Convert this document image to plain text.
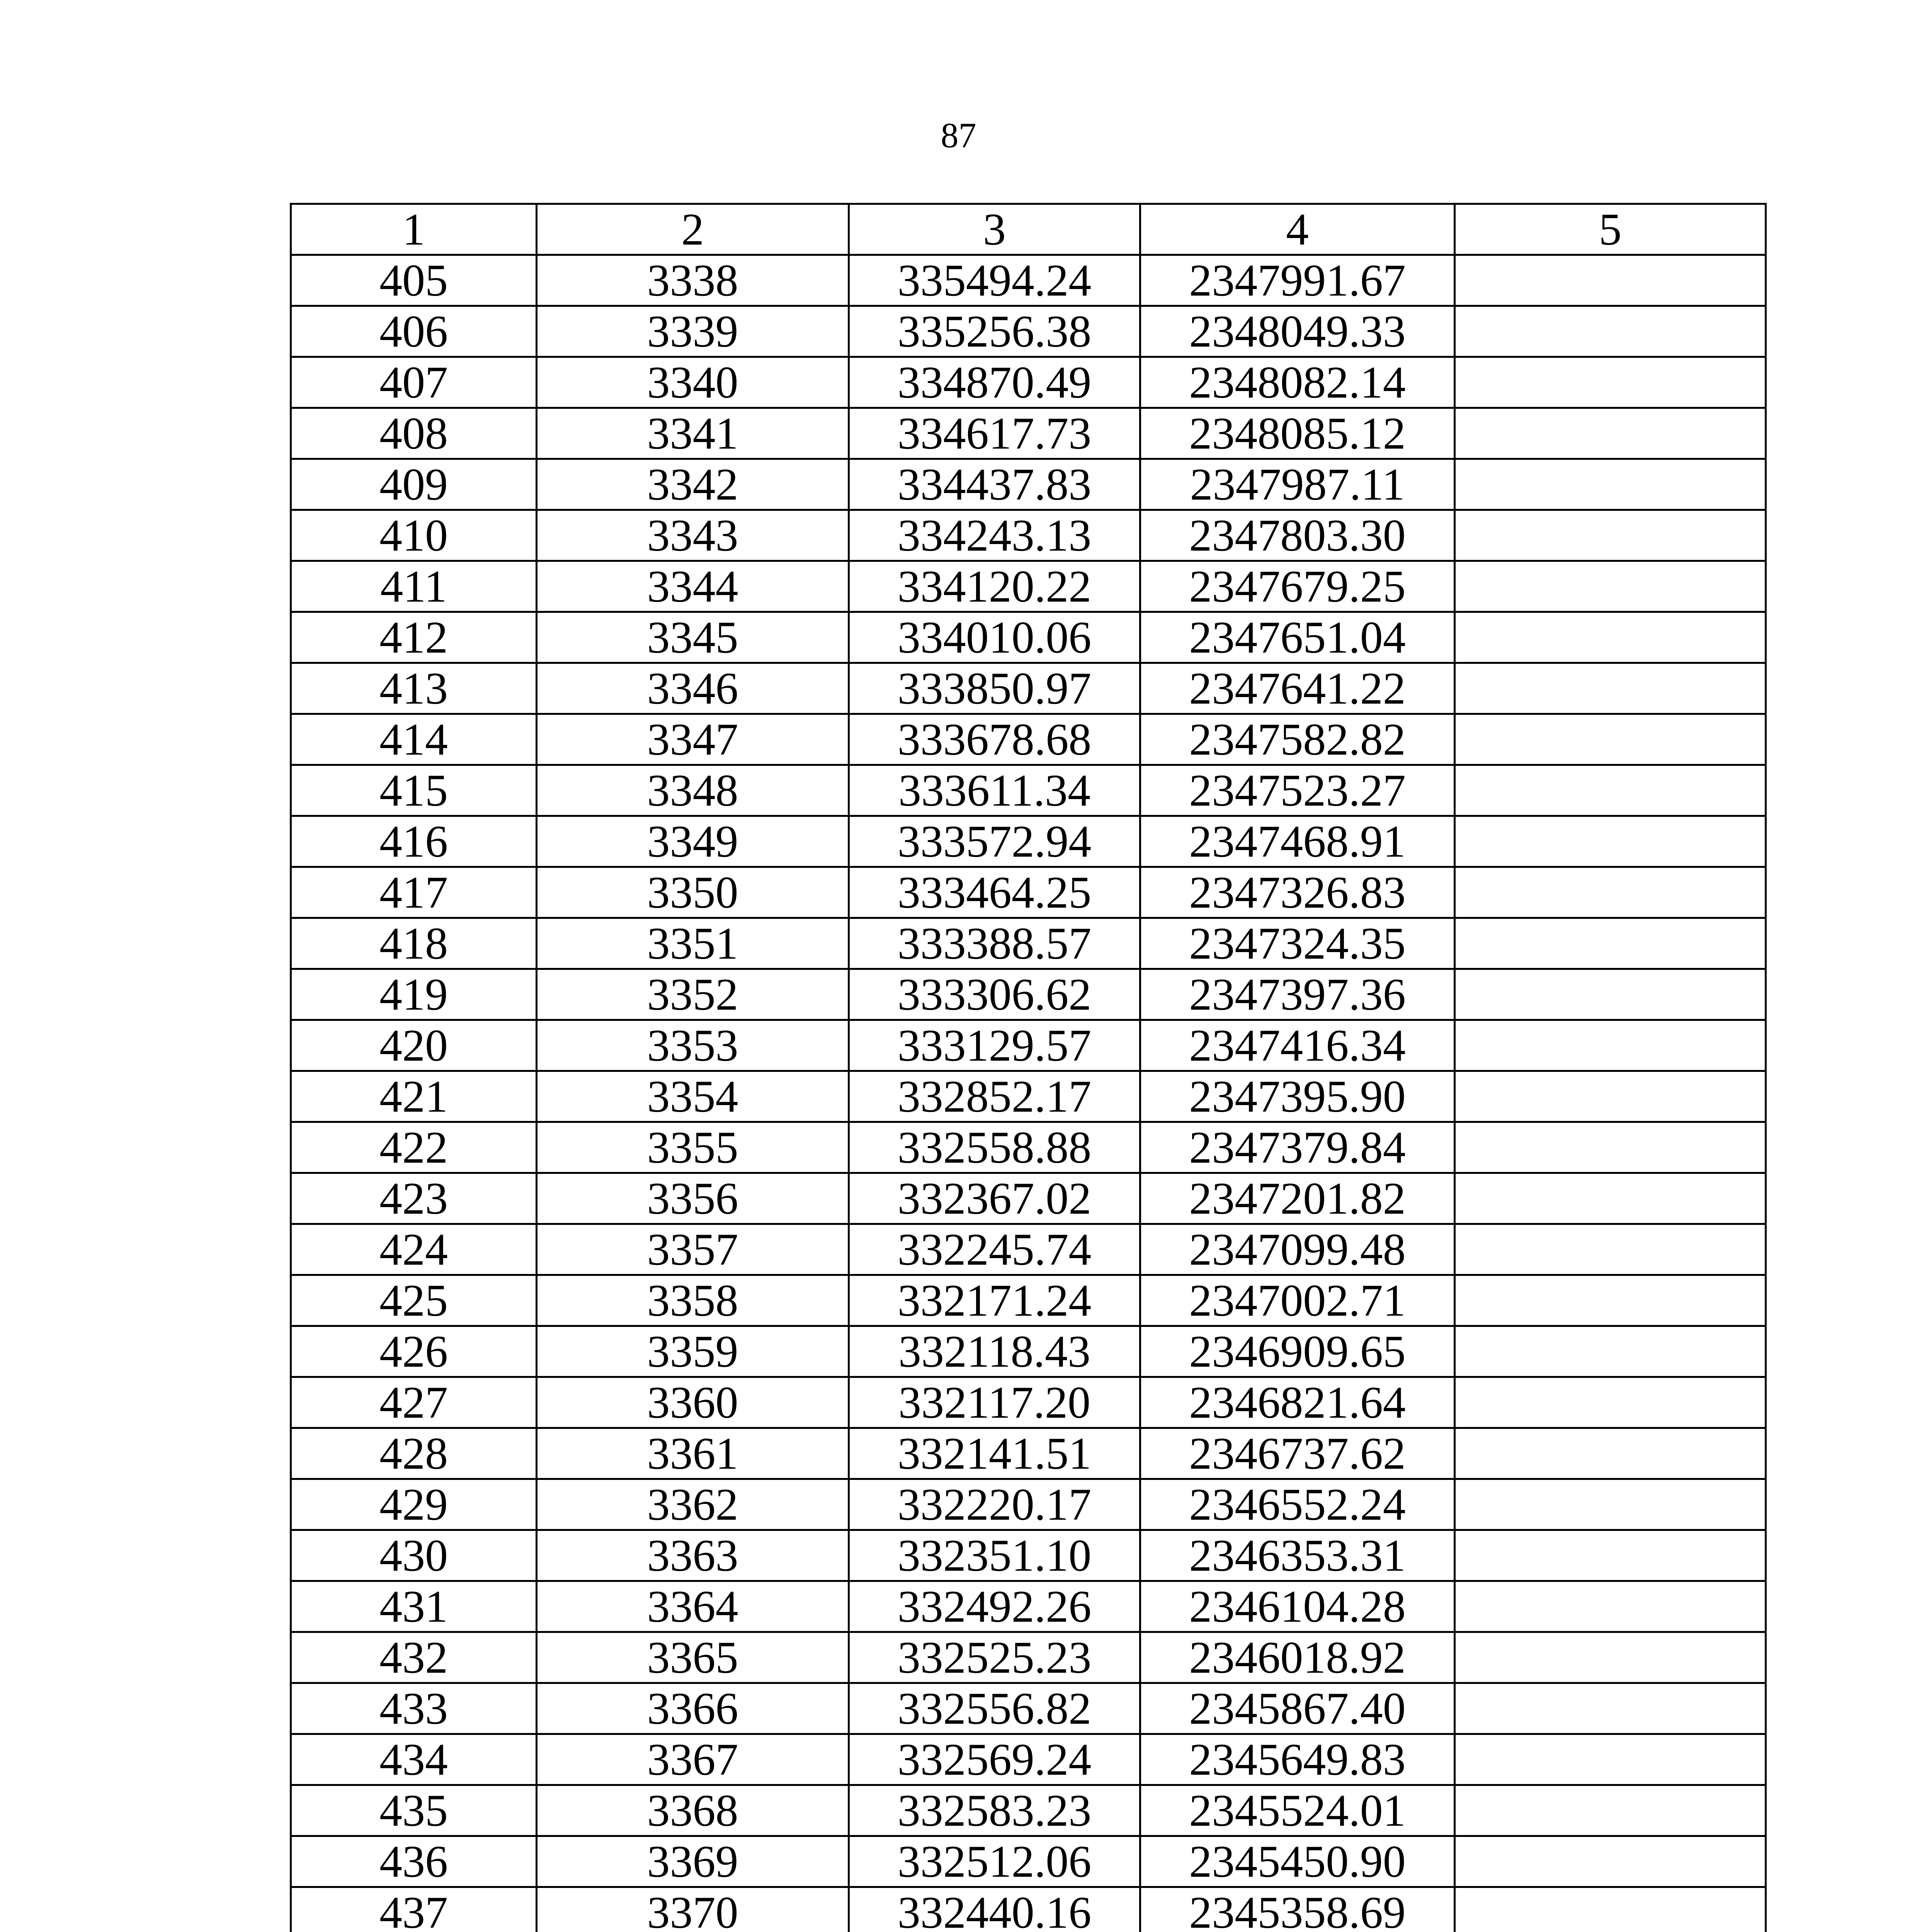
87
1	2	3	4	5
405	3338	335494.24	2347991.67	
406	3339	335256.38	2348049.33	
407	3340	334870.49	2348082.14	
408	3341	334617.73	2348085.12	
409	3342	334437.83	2347987.11	
410	3343	334243.13	2347803.30	
411	3344	334120.22	2347679.25	
412	3345	334010.06	2347651.04	
413	3346	333850.97	2347641.22	
414	3347	333678.68	2347582.82	
415	3348	333611.34	2347523.27	
416	3349	333572.94	2347468.91	
417	3350	333464.25	2347326.83	
418	3351	333388.57	2347324.35	
419	3352	333306.62	2347397.36	
420	3353	333129.57	2347416.34	
421	3354	332852.17	2347395.90	
422	3355	332558.88	2347379.84	
423	3356	332367.02	2347201.82	
424	3357	332245.74	2347099.48	
425	3358	332171.24	2347002.71	
426	3359	332118.43	2346909.65	
427	3360	332117.20	2346821.64	
428	3361	332141.51	2346737.62	
429	3362	332220.17	2346552.24	
430	3363	332351.10	2346353.31	
431	3364	332492.26	2346104.28	
432	3365	332525.23	2346018.92	
433	3366	332556.82	2345867.40	
434	3367	332569.24	2345649.83	
435	3368	332583.23	2345524.01	
436	3369	332512.06	2345450.90	
437	3370	332440.16	2345358.69	
